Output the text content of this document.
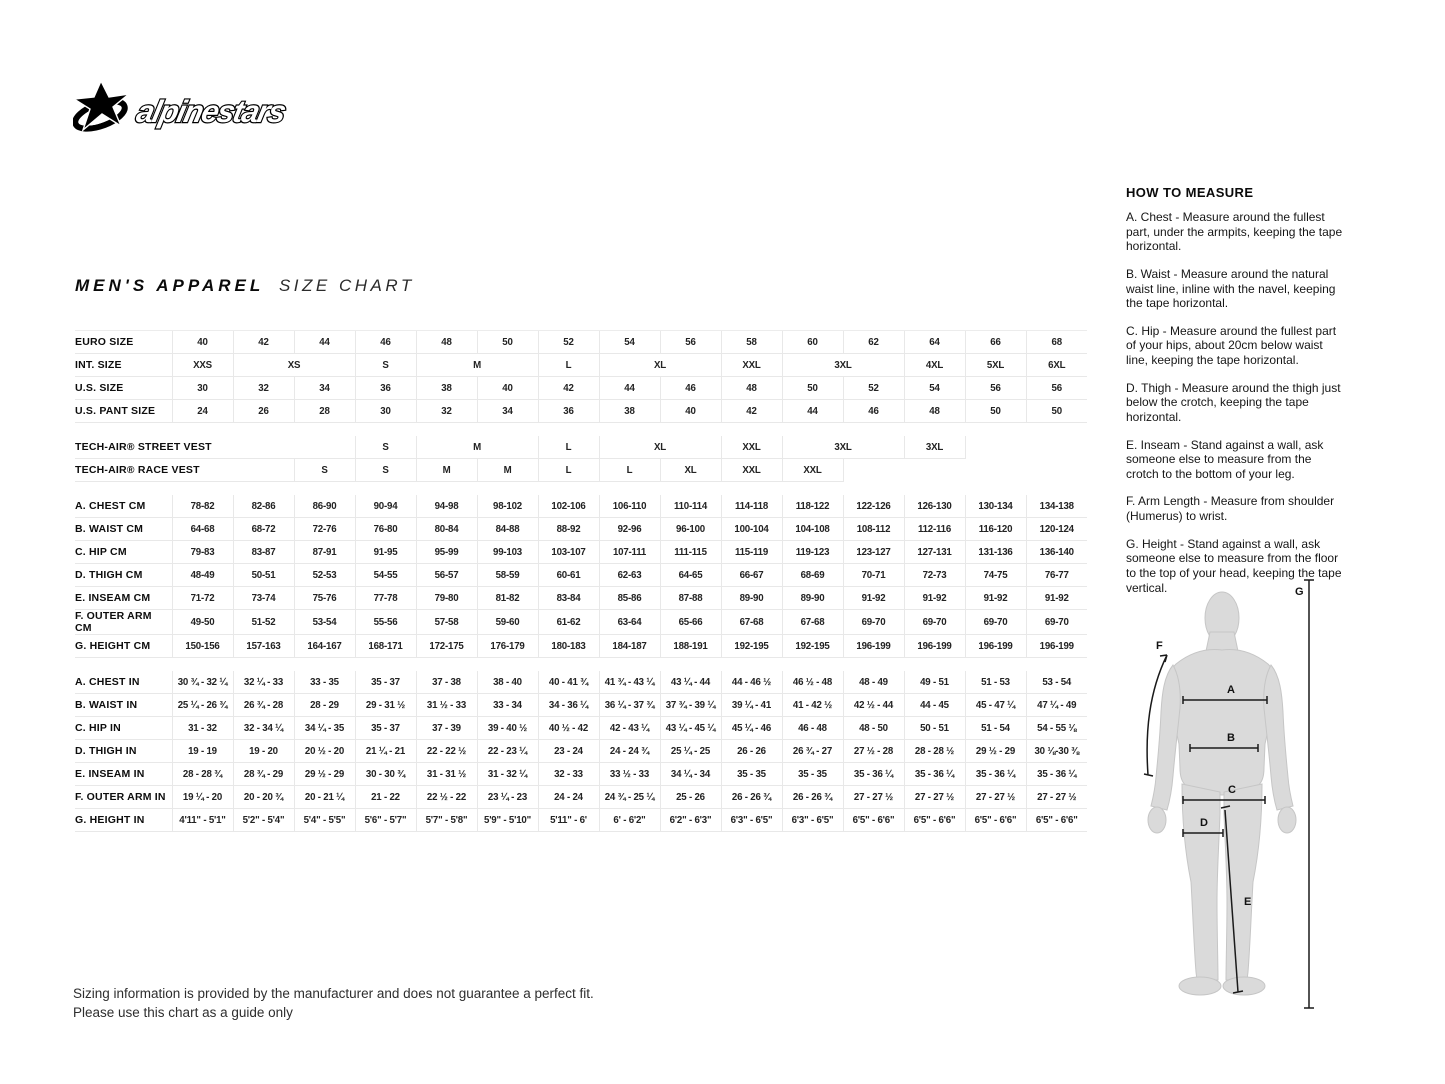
alpinestars
MEN'S APPAREL SIZE CHART
EURO SIZE	40	42	44	46	48	50	52	54	56	58	60	62	64	66	68
INT. SIZE	XXS	XS		S	M		L	XL		XXL	3XL		4XL	5XL	6XL
U.S. SIZE	30	32	34	36	38	40	42	44	46	48	50	52	54	56	56
U.S. PANT SIZE	24	26	28	30	32	34	36	38	40	42	44	46	48	50	50

TECH-AIR® STREET VEST				S	M		L	XL		XXL	3XL		3XL		
TECH-AIR® RACE VEST			S	S	M	M	L	L	XL	XXL	XXL				

A. CHEST CM	78-82	82-86	86-90	90-94	94-98	98-102	102-106	106-110	110-114	114-118	118-122	122-126	126-130	130-134	134-138
B. WAIST CM	64-68	68-72	72-76	76-80	80-84	84-88	88-92	92-96	96-100	100-104	104-108	108-112	112-116	116-120	120-124
C. HIP CM	79-83	83-87	87-91	91-95	95-99	99-103	103-107	107-111	111-115	115-119	119-123	123-127	127-131	131-136	136-140
D. THIGH CM	48-49	50-51	52-53	54-55	56-57	58-59	60-61	62-63	64-65	66-67	68-69	70-71	72-73	74-75	76-77
E. INSEAM CM	71-72	73-74	75-76	77-78	79-80	81-82	83-84	85-86	87-88	89-90	89-90	91-92	91-92	91-92	91-92
F. OUTER ARM CM	49-50	51-52	53-54	55-56	57-58	59-60	61-62	63-64	65-66	67-68	67-68	69-70	69-70	69-70	69-70
G. HEIGHT CM	150-156	157-163	164-167	168-171	172-175	176-179	180-183	184-187	188-191	192-195	192-195	196-199	196-199	196-199	196-199

A. CHEST IN	30 ¾ - 32 ¼	32 ¼ - 33	33 - 35	35 - 37	37 - 38	38 - 40	40 - 41 ¾	41 ¾ - 43 ¼	43 ¼ - 44	44 - 46 ½	46 ½ - 48	48 - 49	49 - 51	51 - 53	53 - 54
B. WAIST IN	25 ¼ - 26 ¾	26 ¾ - 28	28 - 29	29 - 31 ½	31 ½ - 33	33 - 34	34 - 36 ¼	36 ¼ - 37 ¾	37 ¾ - 39 ¼	39 ¼ - 41	41 - 42 ½	42 ½ - 44	44 - 45	45 - 47 ¼	47 ¼ - 49
C. HIP IN	31 - 32	32 - 34 ¼	34 ¼ - 35	35 - 37	37 - 39	39 - 40 ½	40 ½ - 42	42 - 43 ¼	43 ¼ - 45 ¼	45 ¼ - 46	46 - 48	48 - 50	50 - 51	51 - 54	54 - 55 ⅛
D. THIGH IN	19 - 19	19 - 20	20 ½ - 20	21 ¼ - 21	22 - 22 ½	22 - 23 ¼	23 - 24	24 - 24 ¾	25 ¼ - 25	26 - 26	26 ¾ - 27	27 ½ - 28	28 - 28 ½	29 ½ - 29	30 ⅛-30 ⅜
E. INSEAM IN	28 - 28 ¾	28 ¾ - 29	29 ½ - 29	30 - 30 ¾	31 - 31 ½	31 - 32 ¼	32 - 33	33 ½ - 33	34 ¼ - 34	35 - 35	35 - 35	35 - 36 ¼	35 - 36 ¼	35 - 36 ¼	35 - 36 ¼
F. OUTER ARM IN	19 ¼ - 20	20 - 20 ¾	20 - 21 ¼	21 - 22	22 ½ - 22	23 ¼ - 23	24 - 24	24 ¾ - 25 ¼	25 - 26	26 - 26 ¾	26 - 26 ¾	27 - 27 ½	27 - 27 ½	27 - 27 ½	27 - 27 ½
G. HEIGHT IN	4'11" - 5'1"	5'2" - 5'4"	5'4" - 5'5"	5'6" - 5'7"	5'7" - 5'8"	5'9" - 5'10"	5'11" - 6'	6' - 6'2"	6'2" - 6'3"	6'3" - 6'5"	6'3" - 6'5"	6'5" - 6'6"	6'5" - 6'6"	6'5" - 6'6"	6'5" - 6'6"
HOW TO MEASURE

A. Chest - Measure around the fullest part, under the armpits, keeping the tape horizontal.

B. Waist - Measure around the natural waist line, inline with the navel, keeping the tape horizontal.

C. Hip - Measure around the fullest part of your hips, about 20cm below waist line, keeping the tape horizontal.

D. Thigh - Measure around the thigh just below the crotch, keeping the tape horizontal.

E. Inseam - Stand against a wall, ask someone else to measure from the crotch to the bottom of your leg.

F. Arm Length - Measure from shoulder (Humerus) to wrist.

G. Height - Stand against a wall, ask someone else to measure from the floor to the top of your head, keeping the tape vertical.

A
B
C
D
E
F
G
Sizing information is provided by the manufacturer and does not guarantee a perfect fit.
Please use this chart as a guide only
